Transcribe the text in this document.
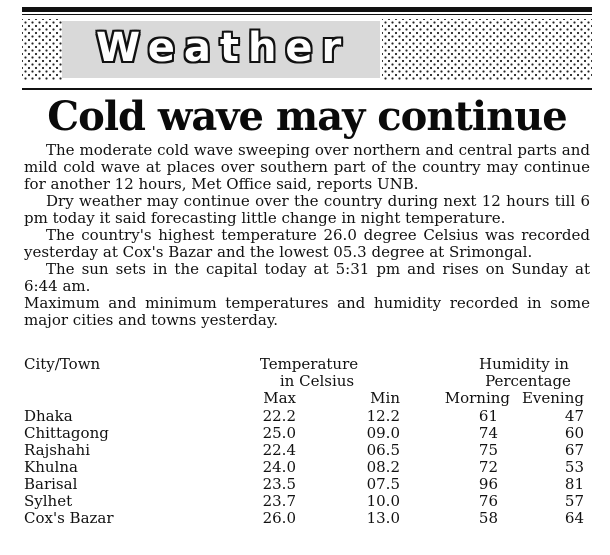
Weather
Cold wave may continue

The moderate cold wave sweeping over northern and central parts and mild cold wave at places over southern part of the country may continue for another 12 hours, Met Office said, reports UNB.

Dry weather may continue over the country during next 12 hours till 6 pm today it said forecasting little change in night temperature.

The country's highest temperature 26.0 degree Celsius was recorded yesterday at Cox's Bazar and the lowest 05.3 degree at Srimongal.

The sun sets in the capital today at 5:31 pm and rises on Sunday at 6:44 am.

Maximum and minimum temperatures and humidity recorded in some major cities and towns yesterday.

City/Town	Temperature	Humidity in
in Celsius	Percentage
Max	Min	Morning Evening
Dhaka	22.2	12.2	61	47
Chittagong	25.0	09.0	74	60
Rajshahi	22.4	06.5	75	67
Khulna	24.0	08.2	72	53
Barisal	23.5	07.5	96	81
Sylhet	23.7	10.0	76	57
Cox's Bazar	26.0	13.0	58	64
